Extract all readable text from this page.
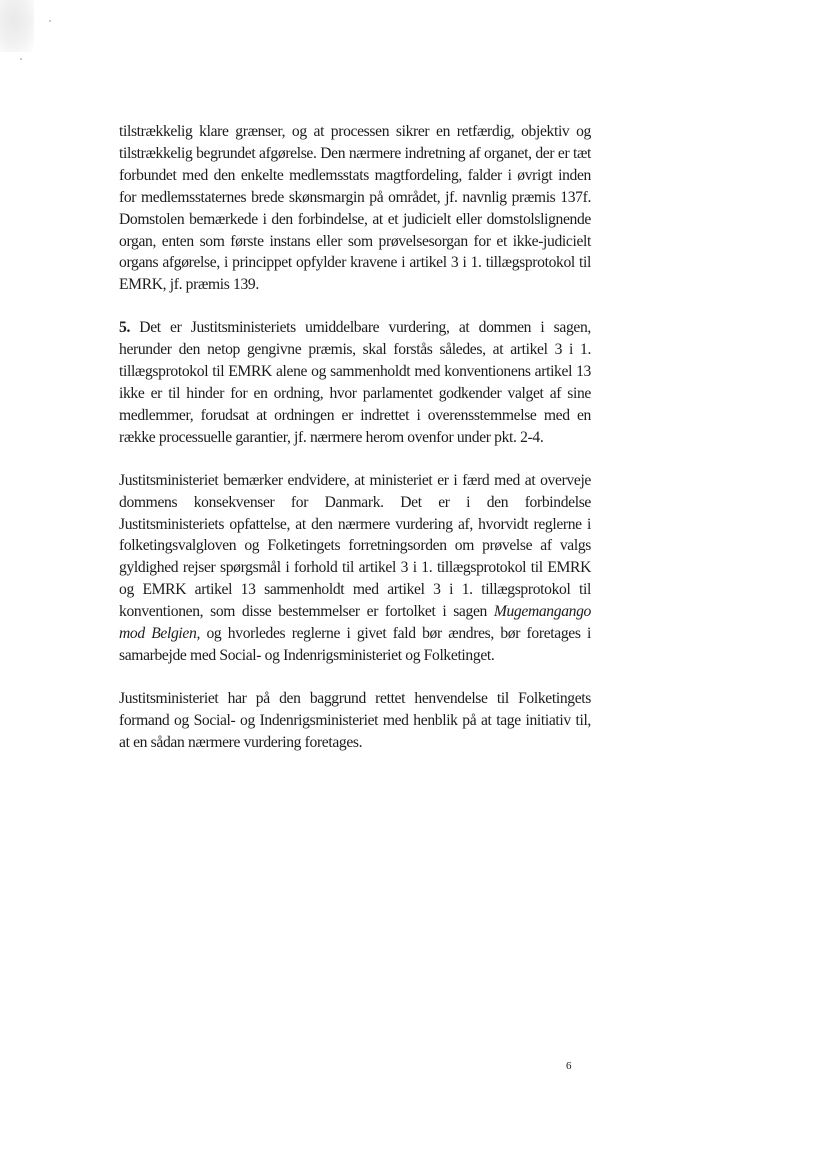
tilstrækkelig klare grænser, og at processen sikrer en retfærdig, objektiv og tilstrækkelig begrundet afgørelse. Den nærmere indretning af organet, der er tæt forbundet med den enkelte medlemsstats magtfordeling, falder i øvrigt inden for medlemsstaternes brede skønsmargin på området, jf. navnlig præmis 137f. Domstolen bemærkede i den forbindelse, at et judicielt eller domstolslignende organ, enten som første instans eller som prøvelsesorgan for et ikke-judicielt organs afgørelse, i princippet opfylder kravene i artikel 3 i 1. tillægsprotokol til EMRK, jf. præmis 139.

5. Det er Justitsministeriets umiddelbare vurdering, at dommen i sagen, herunder den netop gengivne præmis, skal forstås således, at artikel 3 i 1. tillægsprotokol til EMRK alene og sammenholdt med konventionens artikel 13 ikke er til hinder for en ordning, hvor parlamentet godkender valget af sine medlemmer, forudsat at ordningen er indrettet i overensstemmelse med en række processuelle garantier, jf. nærmere herom ovenfor under pkt. 2-4.

Justitsministeriet bemærker endvidere, at ministeriet er i færd med at overveje dommens konsekvenser for Danmark. Det er i den forbindelse Justitsministeriets opfattelse, at den nærmere vurdering af, hvorvidt reglerne i folketingsvalgloven og Folketingets forretningsorden om prøvelse af valgs gyldighed rejser spørgsmål i forhold til artikel 3 i 1. tillægsprotokol til EMRK og EMRK artikel 13 sammenholdt med artikel 3 i 1. tillægsprotokol til konventionen, som disse bestemmelser er fortolket i sagen Mugemangango mod Belgien, og hvorledes reglerne i givet fald bør ændres, bør foretages i samarbejde med Social- og Indenrigsministeriet og Folketinget.

Justitsministeriet har på den baggrund rettet henvendelse til Folketingets formand og Social- og Indenrigsministeriet med henblik på at tage initiativ til, at en sådan nærmere vurdering foretages.

6
